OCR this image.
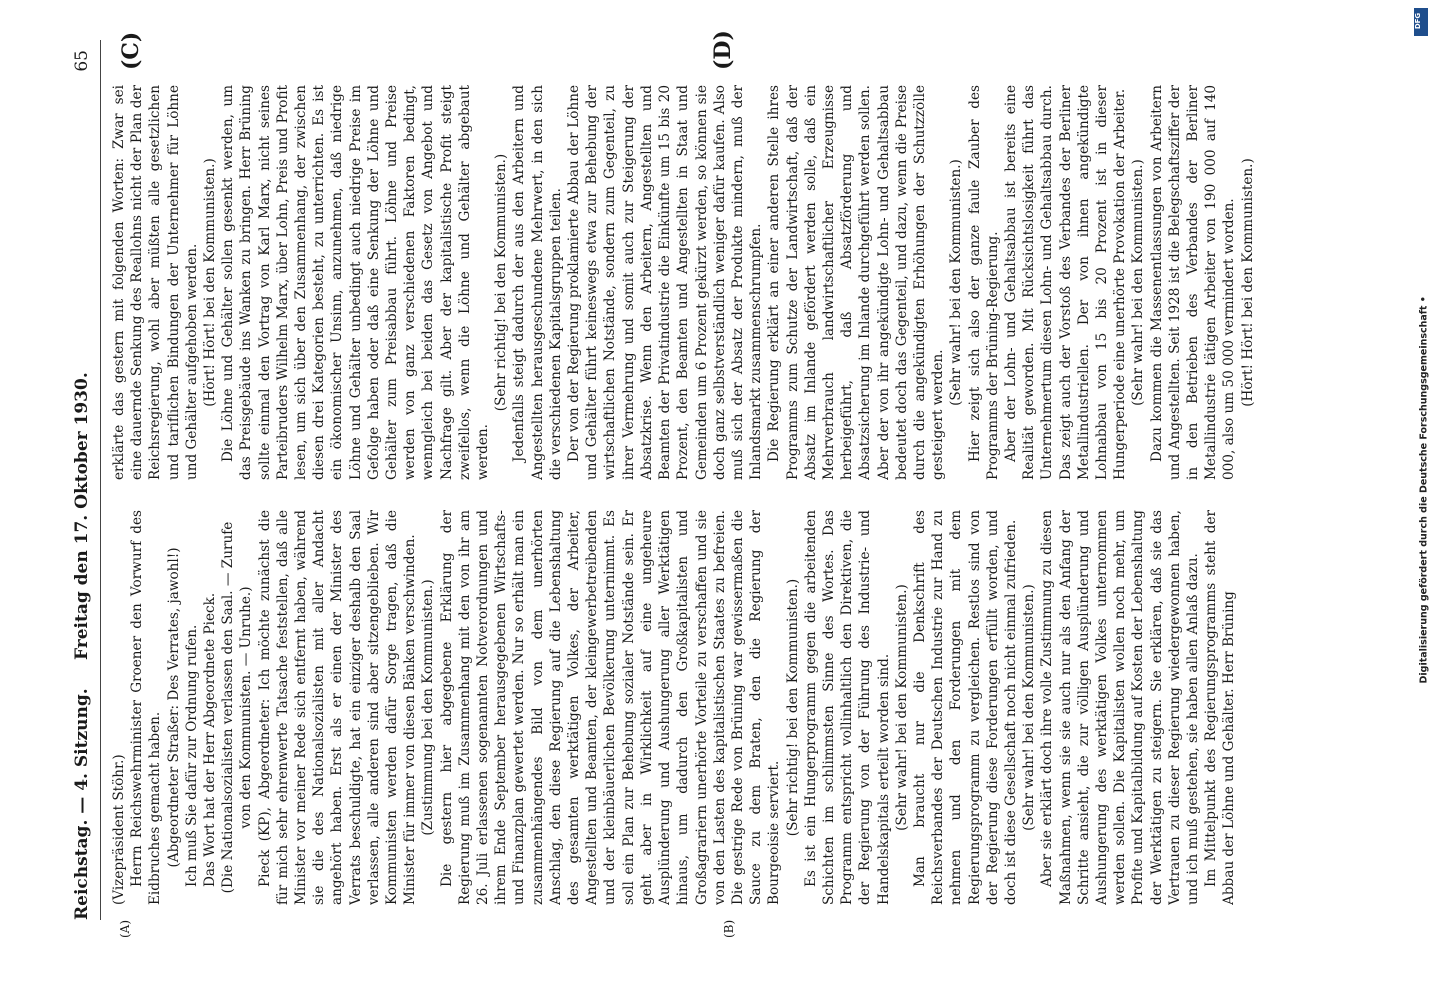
Reichstag. — 4. Sitzung.
Freitag den 17. Oktober 1930.
65
(A)	(B)
(C)	(D)

(Vizepräsident Stöhr.) Herrn Reichswehrminister Groener den Vorwurf des Eidbruches gemacht haben. (Abgeordneter Straßer: Des Verrates, jawohl!) Ich muß Sie dafür zur Ordnung rufen. Das Wort hat der Herr Abgeordnete Pieck. (Die Nationalsozialisten verlassen den Saal. — Zurufe von den Kommunisten. — Unruhe.) Pieck (KP), Abgeordneter: Ich möchte zunächst die für mich sehr ehrenwerte Tatsache feststellen, daß alle Minister vor meiner Rede sich entfernt haben, während sie die des Nationalsozialisten mit aller Andacht angehört haben. Erst als er einen der Minister des Verrats beschuldigte, hat ein einziger deshalb den Saal verlassen, alle anderen sind aber sitzengeblieben. Wir Kommunisten werden dafür Sorge tragen, daß die Minister für immer von diesen Bänken verschwinden. (Zustimmung bei den Kommunisten.) Die gestern hier abgegebene Erklärung der Regierung muß im Zusammenhang mit den von ihr am 26. Juli erlassenen sogenannten Notverordnungen und ihrem Ende September herausgegebenen Wirtschafts- und Finanzplan gewertet werden. Nur so erhält man ein zusammenhängendes Bild von dem unerhörten Anschlag, den diese Regierung auf die Lebenshaltung des gesamten werktätigen Volkes, der Arbeiter, Angestellten und Beamten, der kleingewerbetreibenden und der kleinbäuerlichen Bevölkerung unternimmt. Es soll ein Plan zur Behebung sozialer Notstände sein. Er geht aber in Wirklichkeit auf eine ungeheure Ausplünderung und Aushungerung aller Werktätigen hinaus, um dadurch den Großkapitalisten und Großagrariern unerhörte Vorteile zu verschaffen und sie von den Lasten des kapitalistischen Staates zu befreien. Die gestrige Rede von Brüning war gewissermaßen die Sauce zu dem Braten, den die Regierung der Bourgeoisie serviert. (Sehr richtig! bei den Kommunisten.) Es ist ein Hungerprogramm gegen die arbeitenden Schichten im schlimmsten Sinne des Wortes. Das Programm entspricht vollinhaltlich den Direktiven, die der Regierung von der Führung des Industrie- und Handelskapitals erteilt worden sind. (Sehr wahr! bei den Kommunisten.) Man braucht nur die Denkschrift des Reichsverbandes der Deutschen Industrie zur Hand zu nehmen und den Forderungen mit dem Regierungsprogramm zu vergleichen. Restlos sind von der Regierung diese Forderungen erfüllt worden, und doch ist diese Gesellschaft noch nicht einmal zufrieden. (Sehr wahr! bei den Kommunisten.) Aber sie erklärt doch ihre volle Zustimmung zu diesen Maßnahmen, wenn sie sie auch nur als den Anfang der Schritte ansieht, die zur völligen Ausplünderung und Aushungerung des werktätigen Volkes unternommen werden sollen. Die Kapitalisten wollen noch mehr, um Profite und Kapitalbildung auf Kosten der Lebenshaltung der Werktätigen zu steigern. Sie erklären, daß sie das Vertrauen zu dieser Regierung wiedergewonnen haben, und ich muß gestehen, sie haben allen Anlaß dazu. Im Mittelpunkt des Regierungsprogramms steht der Abbau der Löhne und Gehälter. Herr Brüning

erklärte das gestern mit folgenden Worten: Zwar sei eine dauernde Senkung des Reallohns nicht der Plan der Reichsregierung, wohl aber müßten alle gesetzlichen und tariflichen Bindungen der Unternehmer für Löhne und Gehälter aufgehoben werden. (Hört! Hört! bei den Kommunisten.) Die Löhne und Gehälter sollen gesenkt werden, um das Preisgebäude ins Wanken zu bringen. Herr Brüning sollte einmal den Vortrag von Karl Marx, nicht seines Parteibruders Wilhelm Marx, über Lohn, Preis und Profit lesen, um sich über den Zusammenhang, der zwischen diesen drei Kategorien besteht, zu unterrichten. Es ist ein ökonomischer Unsinn, anzunehmen, daß niedrige Löhne und Gehälter unbedingt auch niedrige Preise im Gefolge haben oder daß eine Senkung der Löhne und Gehälter zum Preisabbau führt. Löhne und Preise werden von ganz verschiedenen Faktoren bedingt, wenngleich bei beiden das Gesetz von Angebot und Nachfrage gilt. Aber der kapitalistische Profit steigt zweifellos, wenn die Löhne und Gehälter abgebaut werden.

(Sehr richtig! bei den Kommunisten.) Jedenfalls steigt dadurch der aus den Arbeitern und Angestellten herausgeschundene Mehrwert, in den sich die verschiedenen Kapitalsgruppen teilen. Der von der Regierung proklamierte Abbau der Löhne und Gehälter führt keineswegs etwa zur Behebung der wirtschaftlichen Notstände, sondern zum Gegenteil, zu ihrer Vermehrung und somit auch zur Steigerung der Absatzkrise. Wenn den Arbeitern, Angestellten und Beamten der Privatindustrie die Einkünfte um 15 bis 20 Prozent, den Beamten und Angestellten in Staat und Gemeinden um 6 Prozent gekürzt werden, so können sie doch ganz selbstverständlich weniger dafür kaufen. Also muß sich der Absatz der Produkte mindern, muß der Inlandsmarkt zusammenschrumpfen. Die Regierung erklärt an einer anderen Stelle ihres Programms zum Schutze der Landwirtschaft, daß der Absatz im Inlande gefördert werden solle, daß ein Mehrverbrauch landwirtschaftlicher Erzeugnisse herbeigeführt, daß Absatzförderung und Absatzsicherung im Inlande durchgeführt werden sollen. Aber der von ihr angekündigte Lohn- und Gehaltsabbau bedeutet doch das Gegenteil, und dazu, wenn die Preise durch die angekündigten Erhöhungen der Schutzzölle gesteigert werden.

(Sehr wahr! bei den Kommunisten.) Hier zeigt sich also der ganze faule Zauber des Programms der Brüning-Regierung. Aber der Lohn- und Gehaltsabbau ist bereits eine Realität geworden. Mit Rücksichtslosigkeit führt das Unternehmertum diesen Lohn- und Gehaltsabbau durch. Das zeigt auch der Vorstoß des Verbandes der Berliner Metallindustriellen. Der von ihnen angekündigte Lohnabbau von 15 bis 20 Prozent ist in dieser Hungerperiode eine unerhörte Provokation der Arbeiter. (Sehr wahr! bei den Kommunisten.) Dazu kommen die Massenentlassungen von Arbeitern und Angestellten. Seit 1928 ist die Belegschaftsziffer der in den Betrieben des Verbandes der Berliner Metallindustrie tätigen Arbeiter von 190 000 auf 140 000, also um 50 000 vermindert worden. (Hört! Hört! bei den Kommunisten.)

DFG
Digitalisierung gefördert durch die Deutsche Forschungsgemeinschaft •
